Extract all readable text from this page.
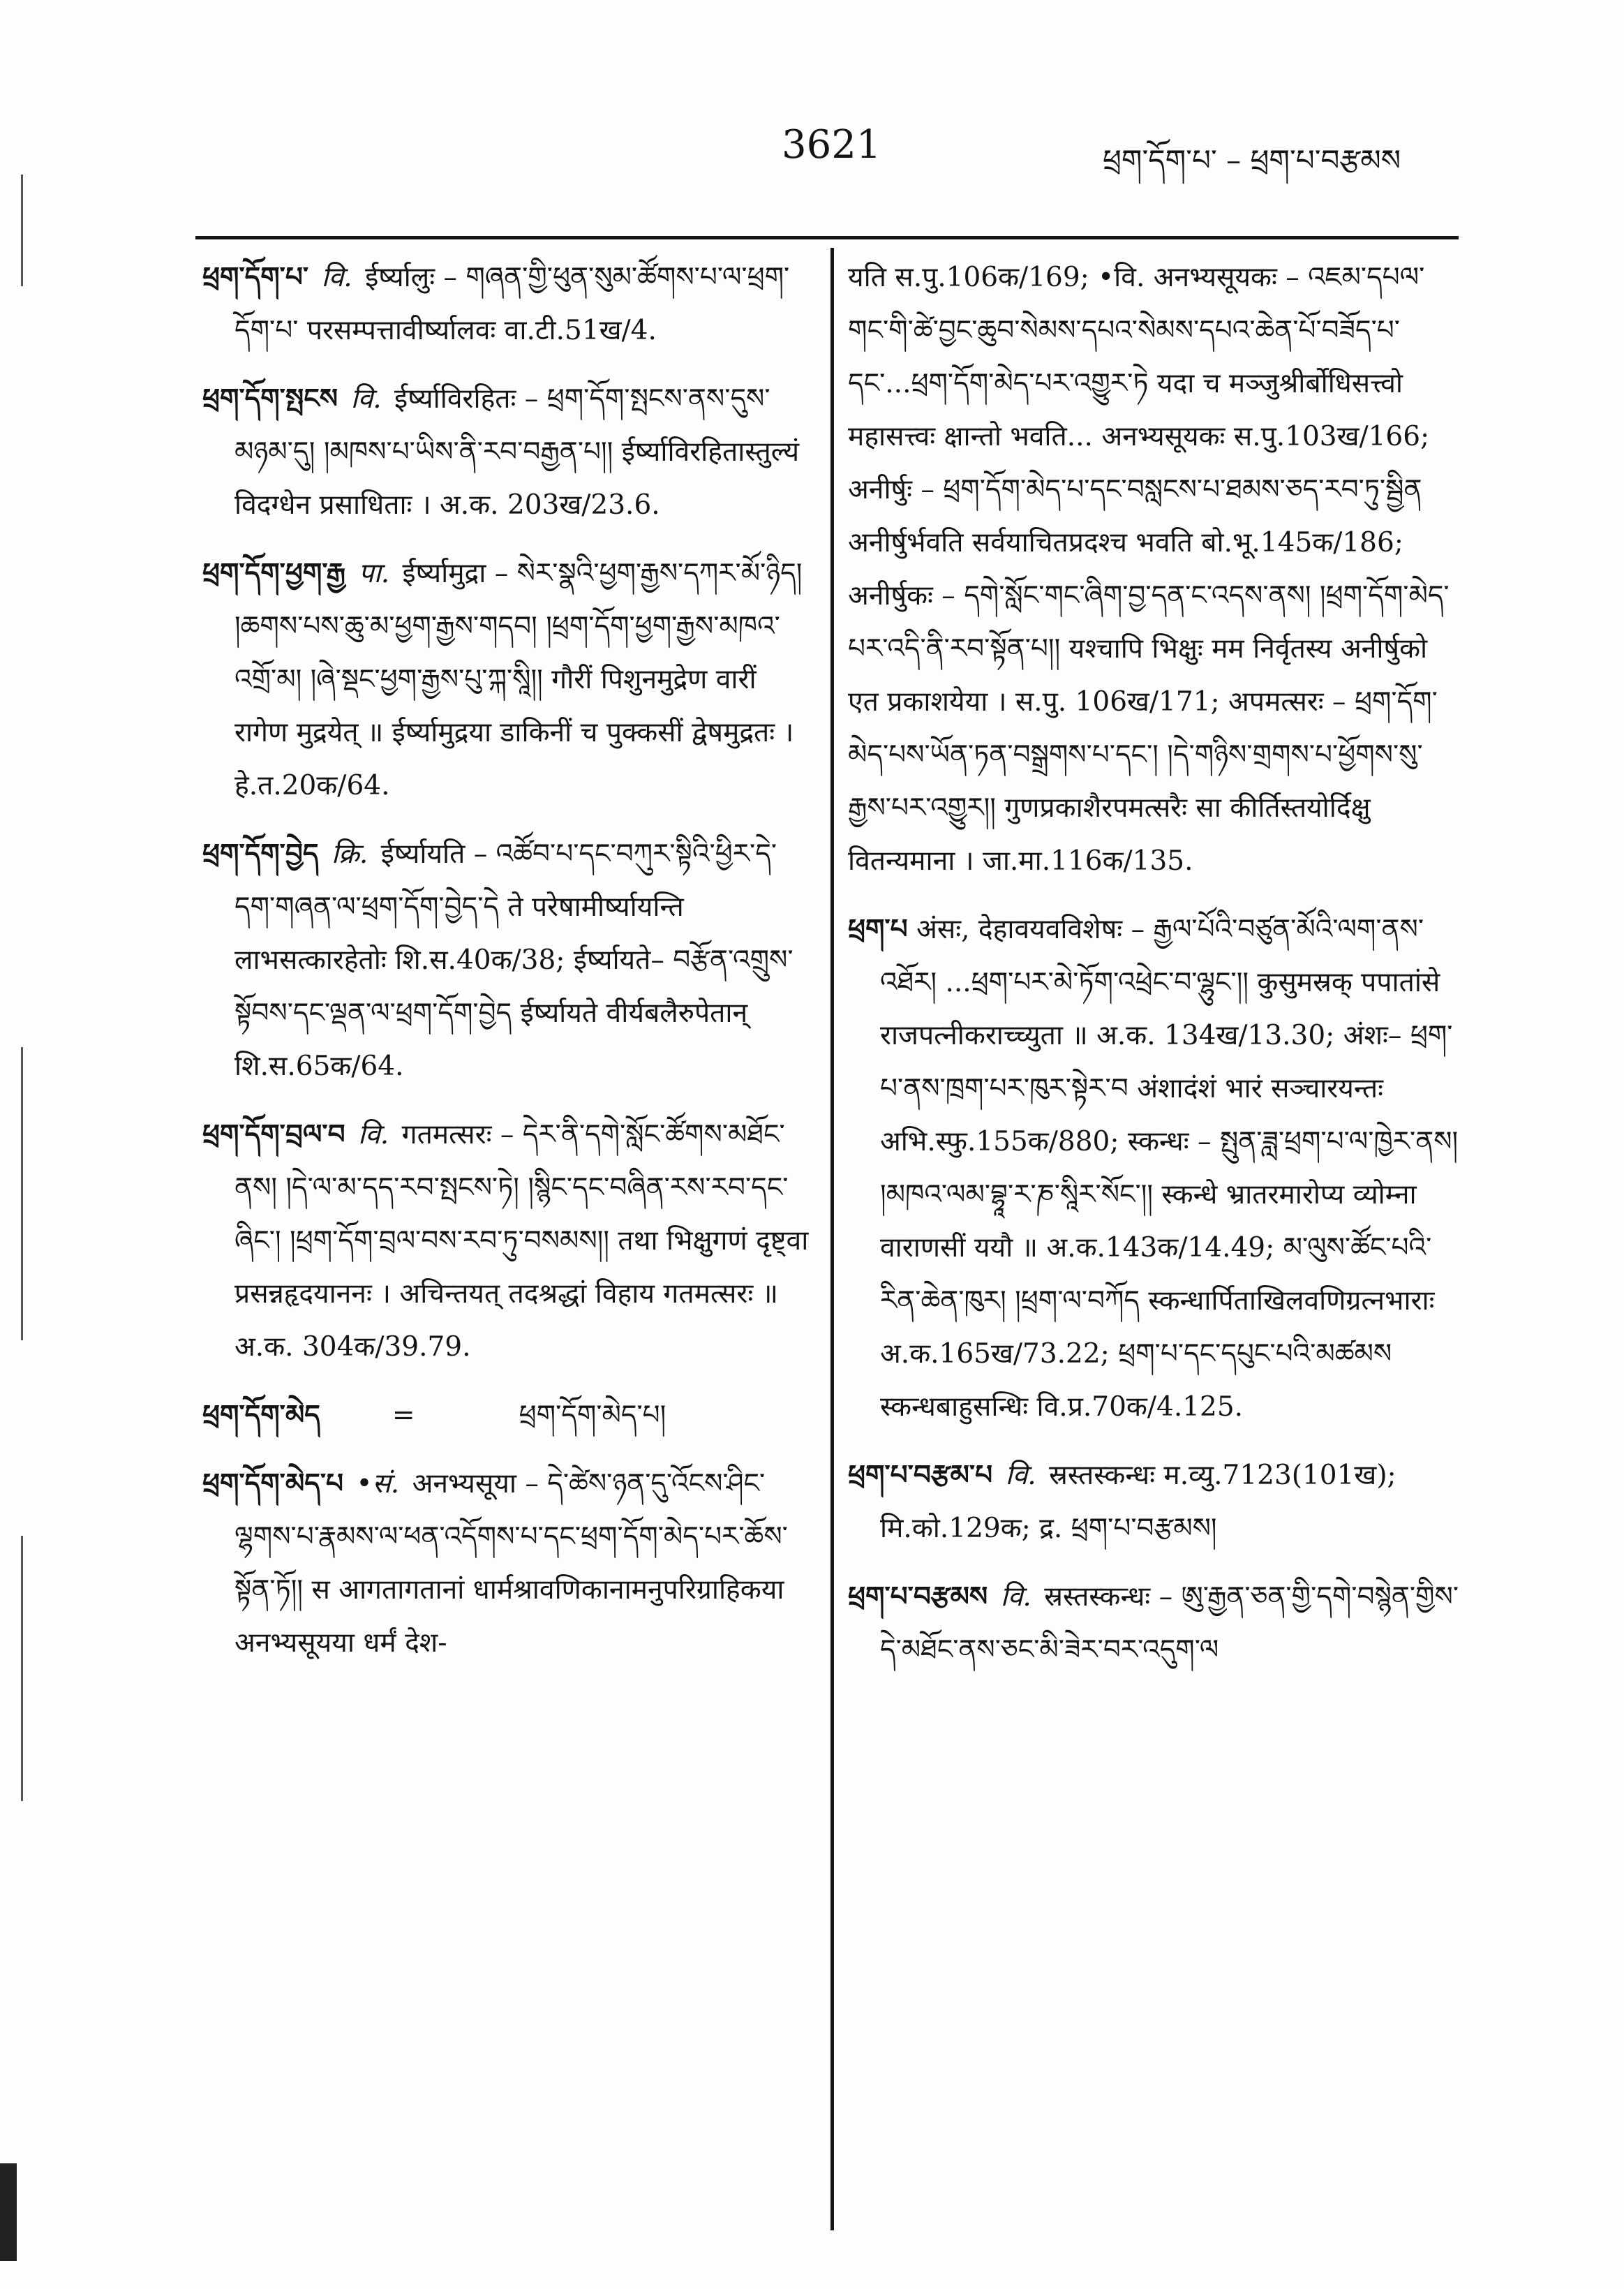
3621	ཕྲག་དོག་པ་ – ཕྲག་པ་བརྩམས

ཕྲག་དོག་པ་ वि. ईर्ष्यालुः – གཞན་གྱི་ཕུན་སུམ་ཚོགས་པ་ལ་ཕྲག་དོག་པ་ परसम्पत्तावीर्ष्यालवः वा.टी.51ख/4.

ཕྲག་དོག་སྤངས वि. ईर्ष्याविरहितः – ཕྲག་དོག་སྤངས་ནས་དུས་མཉམ་དུ། །མཁས་པ་ཡིས་ནི་རབ་བརྒྱན་པ།། ईर्ष्याविरहितास्तुल्यं विदग्धेन प्रसाधिताः । अ.क. 203ख/23.6.

ཕྲག་དོག་ཕྱག་རྒྱ पा. ईर्ष्यामुद्रा – སེར་སྣའི་ཕྱག་རྒྱས་དཀར་མོ་ཉིད། །ཆགས་པས་ཆུ་མ་ཕྱག་རྒྱས་གདབ། །ཕྲག་དོག་ཕྱག་རྒྱས་མཁའ་འགྲོ་མ། །ཞེ་སྡང་ཕྱག་རྒྱས་པུ་ཀྐ་སཱི།། गौरीं पिशुनमुद्रेण वारीं रागेण मुद्रयेत् ॥ ईर्ष्यामुद्रया डाकिनीं च पुक्कसीं द्वेषमुद्रतः । हे.त.20क/64.

ཕྲག་དོག་བྱེད क्रि. ईर्ष्यायति – འཚོབ་པ་དང་བཀུར་སྟིའི་ཕྱིར་དེ་དག་གཞན་ལ་ཕྲག་དོག་བྱེད་དེ ते परेषामीर्ष्यायन्ति लाभसत्कारहेतोः शि.स.40क/38; ईर्ष्यायते– བརྩོན་འགྲུས་སྟོབས་དང་ལྡན་ལ་ཕྲག་དོག་བྱེད ईर्ष्यायते वीर्यबलैरुपेतान् शि.स.65क/64.

ཕྲག་དོག་བྲལ་བ वि. गतमत्सरः – དེར་ནི་དགེ་སློང་ཚོགས་མཐོང་ནས། །དེ་ལ་མ་དད་རབ་སྤངས་ཏེ། །སྙིང་དང་བཞིན་རས་རབ་དང་ཞིང་། །ཕྲག་དོག་བྲལ་བས་རབ་ཏུ་བསམས།། तथा भिक्षुगणं दृष्ट्वा प्रसन्नहृदयाननः । अचिन्तयत् तदश्रद्धां विहाय गतमत्सरः ॥ अ.क. 304क/39.79.

ཕྲག་དོག་མེད	=	ཕྲག་དོག་མེད་པ།

ཕྲག་དོག་མེད་པ •सं. अनभ्यसूया – དེ་ཚེས་ཉན་དུ་འོངས་ཤིང་ལྷགས་པ་རྣམས་ལ་ཕན་འདོགས་པ་དང་ཕྲག་དོག་མེད་པར་ཆོས་སྟོན་ཏོ།། स आगतागतानां धार्मश्रावणिकानामनुपरिग्राहिकया अनभ्यसूयया धर्मं देश-

यति स.पु.106क/169; •वि. अनभ्यसूयकः – འཇམ་དཔལ་གང་གི་ཚེ་བྱང་ཆུབ་སེམས་དཔའ་སེམས་དཔའ་ཆེན་པོ་བཟོད་པ་དང་...ཕྲག་དོག་མེད་པར་འགྱུར་ཏེ यदा च मञ्जुश्रीर्बोधिसत्त्वो महासत्त्वः क्षान्तो भवति... अनभ्यसूयकः स.पु.103ख/166; अनीर्षुः – ཕྲག་དོག་མེད་པ་དང་བསླངས་པ་ཐམས་ཅད་རབ་ཏུ་སྦྱིན अनीर्षुर्भवति सर्वयाचितप्रदश्च भवति बो.भू.145क/186; अनीर्षुकः – དགེ་སློང་གང་ཞིག་བྱ་དན་ང་འདས་ནས། །ཕྲག་དོག་མེད་པར་འདི་ནི་རབ་སྟོན་པ།། यश्चापि भिक्षुः मम निर्वृतस्य अनीर्षुको एत प्रकाशयेया । स.पु. 106ख/171; अपमत्सरः – ཕྲག་དོག་མེད་པས་ཡོན་ཏན་བསྒྲགས་པ་དང་། །དེ་གཉིས་གྲགས་པ་ཕྱོགས་སུ་རྒྱས་པར་འགྱུར།། गुणप्रकाशैरपमत्सरैः सा कीर्तिस्तयोर्दिक्षु वितन्यमाना । जा.मा.116क/135.

ཕྲག་པ अंसः, देहावयवविशेषः – རྒྱལ་པོའི་བཙུན་མོའི་ལག་ནས་འཐོར། ...ཕྲག་པར་མེ་ཏོག་འཕྲེང་བ་ལྷུང་།། कुसुमस्रक् पपातांसे राजपत्नीकराच्च्युता ॥ अ.क. 134ख/13.30; अंशः– ཕྲག་པ་ནས་ཁྲག་པར་ཁུར་སྟེར་བ अंशादंशं भारं सञ्चारयन्तः अभि.स्फु.155क/880; स्कन्धः – སྤུན་ཟླ་ཕྲག་པ་ལ་ཁྱེར་ནས། །མཁའ་ལམ་བྷཱ་ར་ཎ་སཱིར་སོང་།། स्कन्धे भ्रातरमारोप्य व्योम्ना वाराणसीं ययौ ॥ अ.क.143क/14.49; མ་ལུས་ཚོང་པའི་རིན་ཆེན་ཁུར། །ཕྲག་ལ་བཀོད स्कन्धार्पिताखिलवणिग्रत्नभाराः अ.क.165ख/73.22; ཕྲག་པ་དང་དཔུང་པའི་མཚམས स्कन्धबाहुसन्धिः वि.प्र.70क/4.125.

ཕྲག་པ་བརྩམ་པ वि. स्रस्तस्कन्धः म.व्यु.7123(101ख); मि.को.129क; द्र. ཕྲག་པ་བརྩམས།

ཕྲག་པ་བརྩམས वि. स्रस्तस्कन्धः – ཨུ་རྒྱན་ཅན་གྱི་དགེ་བསྙེན་གྱིས་དེ་མཐོང་ནས་ཅང་མི་ཟེར་བར་འདུག་ལ
